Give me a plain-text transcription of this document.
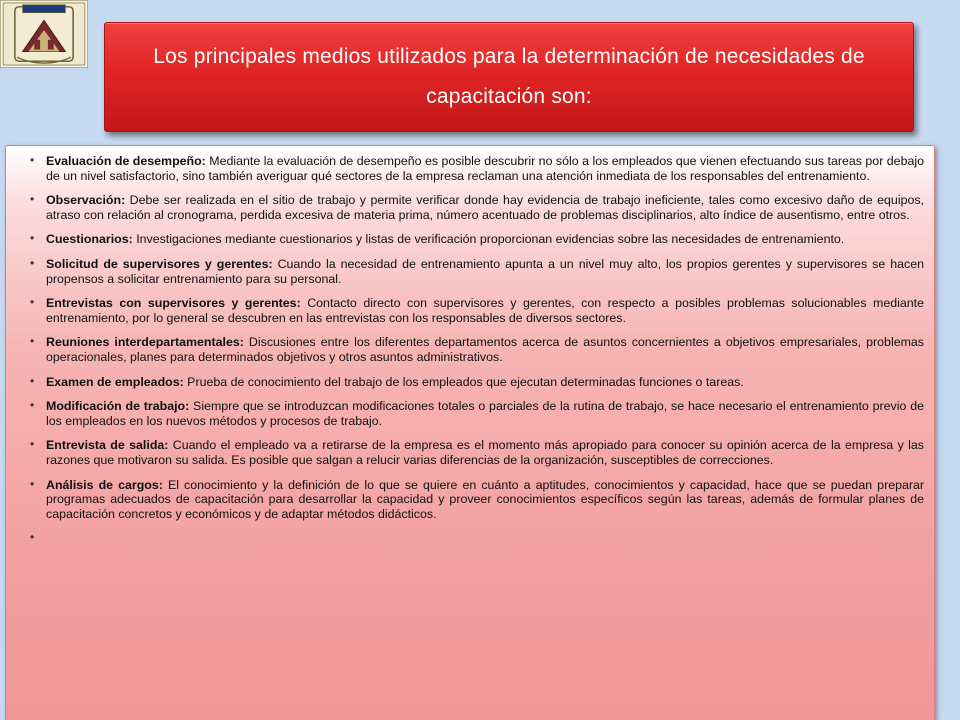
Los principales medios utilizados para la determinación de necesidades de capacitación son:
• Evaluación de desempeño: Mediante la evaluación de desempeño es posible descubrir no sólo a los empleados que vienen efectuando sus tareas por debajo de un nivel satisfactorio, sino también averiguar qué sectores de la empresa reclaman una atención inmediata de los responsables del entrenamiento.
• Observación: Debe ser realizada en el sitio de trabajo y permite verificar donde hay evidencia de trabajo ineficiente, tales como excesivo daño de equipos, atraso con relación al cronograma, perdida excesiva de materia prima, número acentuado de problemas disciplinarios, alto índice de ausentismo, entre otros.
• Cuestionarios: Investigaciones mediante cuestionarios y listas de verificación proporcionan evidencias sobre las necesidades de entrenamiento.
• Solicitud de supervisores y gerentes: Cuando la necesidad de entrenamiento apunta a un nivel muy alto, los propios gerentes y supervisores se hacen propensos a solicitar entrenamiento para su personal.
• Entrevistas con supervisores y gerentes: Contacto directo con supervisores y gerentes, con respecto a posibles problemas solucionables mediante entrenamiento, por lo general se descubren en las entrevistas con los responsables de diversos sectores.
• Reuniones interdepartamentales: Discusiones entre los diferentes departamentos acerca de asuntos concernientes a objetivos empresariales, problemas operacionales, planes para determinados objetivos y otros asuntos administrativos.
• Examen de empleados: Prueba de conocimiento del trabajo de los empleados que ejecutan determinadas funciones o tareas.
• Modificación de trabajo: Siempre que se introduzcan modificaciones totales o parciales de la rutina de trabajo, se hace necesario el entrenamiento previo de los empleados en los nuevos métodos y procesos de trabajo.
• Entrevista de salida: Cuando el empleado va a retirarse de la empresa es el momento más apropiado para conocer su opinión acerca de la empresa y las razones que motivaron su salida. Es posible que salgan a relucir varias diferencias de la organización, susceptibles de correcciones.
• Análisis de cargos: El conocimiento y la definición de lo que se quiere en cuánto a aptitudes, conocimientos y capacidad, hace que se puedan preparar programas adecuados de capacitación para desarrollar la capacidad y proveer conocimientos específicos según las tareas, además de formular planes de capacitación concretos y económicos y de adaptar métodos didácticos.
